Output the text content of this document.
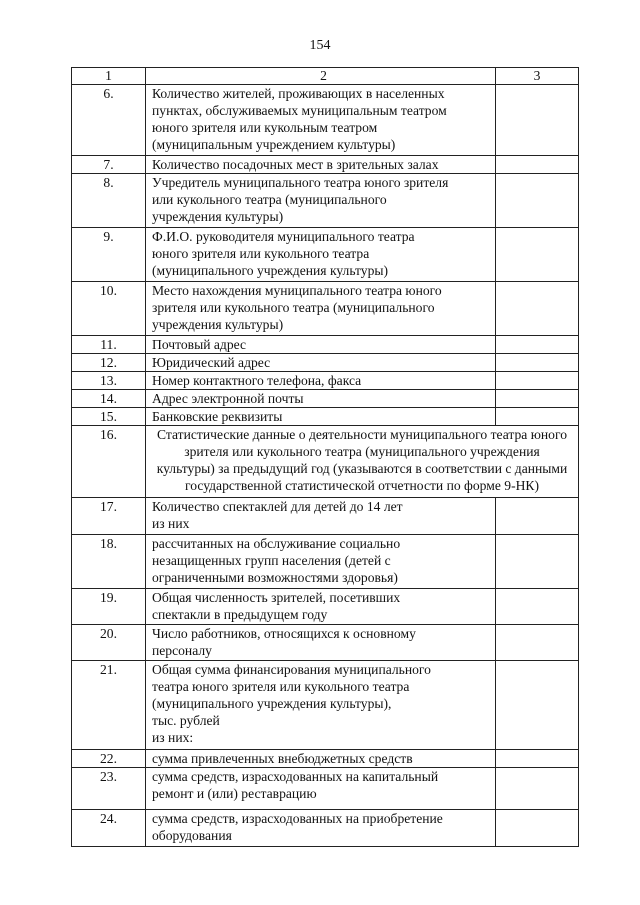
154
1	2	3
6.	Количество жителей, проживающих в населенных
пунктах, обслуживаемых муниципальным театром
юного зрителя или кукольным театром
(муниципальным учреждением культуры)	

7.	Количество посадочных мест в зрительных залах	

8.	Учредитель муниципального театра юного зрителя
или кукольного театра (муниципального
учреждения культуры)	

9.	Ф.И.О. руководителя муниципального театра
юного зрителя или кукольного театра
(муниципального учреждения культуры)	

10.	Место нахождения муниципального театра юного
зрителя или кукольного театра (муниципального
учреждения культуры)	

11.	Почтовый адрес	

12.	Юридический адрес	

13.	Номер контактного телефона, факса	

14.	Адрес электронной почты	

15.	Банковские реквизиты	

16.	Статистические данные о деятельности муниципального театра юного
зрителя или кукольного театра (муниципального учреждения
культуры) за предыдущий год (указываются в соответствии с данными
государственной статистической отчетности по форме 9-НК)	

17.	Количество спектаклей для детей до 14 лет
из них	

18.	рассчитанных на обслуживание социально
незащищенных групп населения (детей с
ограниченными возможностями здоровья)	

19.	Общая численность зрителей, посетивших
спектакли в предыдущем году	

20.	Число работников, относящихся к основному
персоналу	

21.	Общая сумма финансирования муниципального
театра юного зрителя или кукольного театра
(муниципального учреждения культуры),
тыс. рублей
из них:	

22.	сумма привлеченных внебюджетных средств	

23.	сумма средств, израсходованных на капитальный
ремонт и (или) реставрацию	

24.	сумма средств, израсходованных на приобретение
оборудования	
